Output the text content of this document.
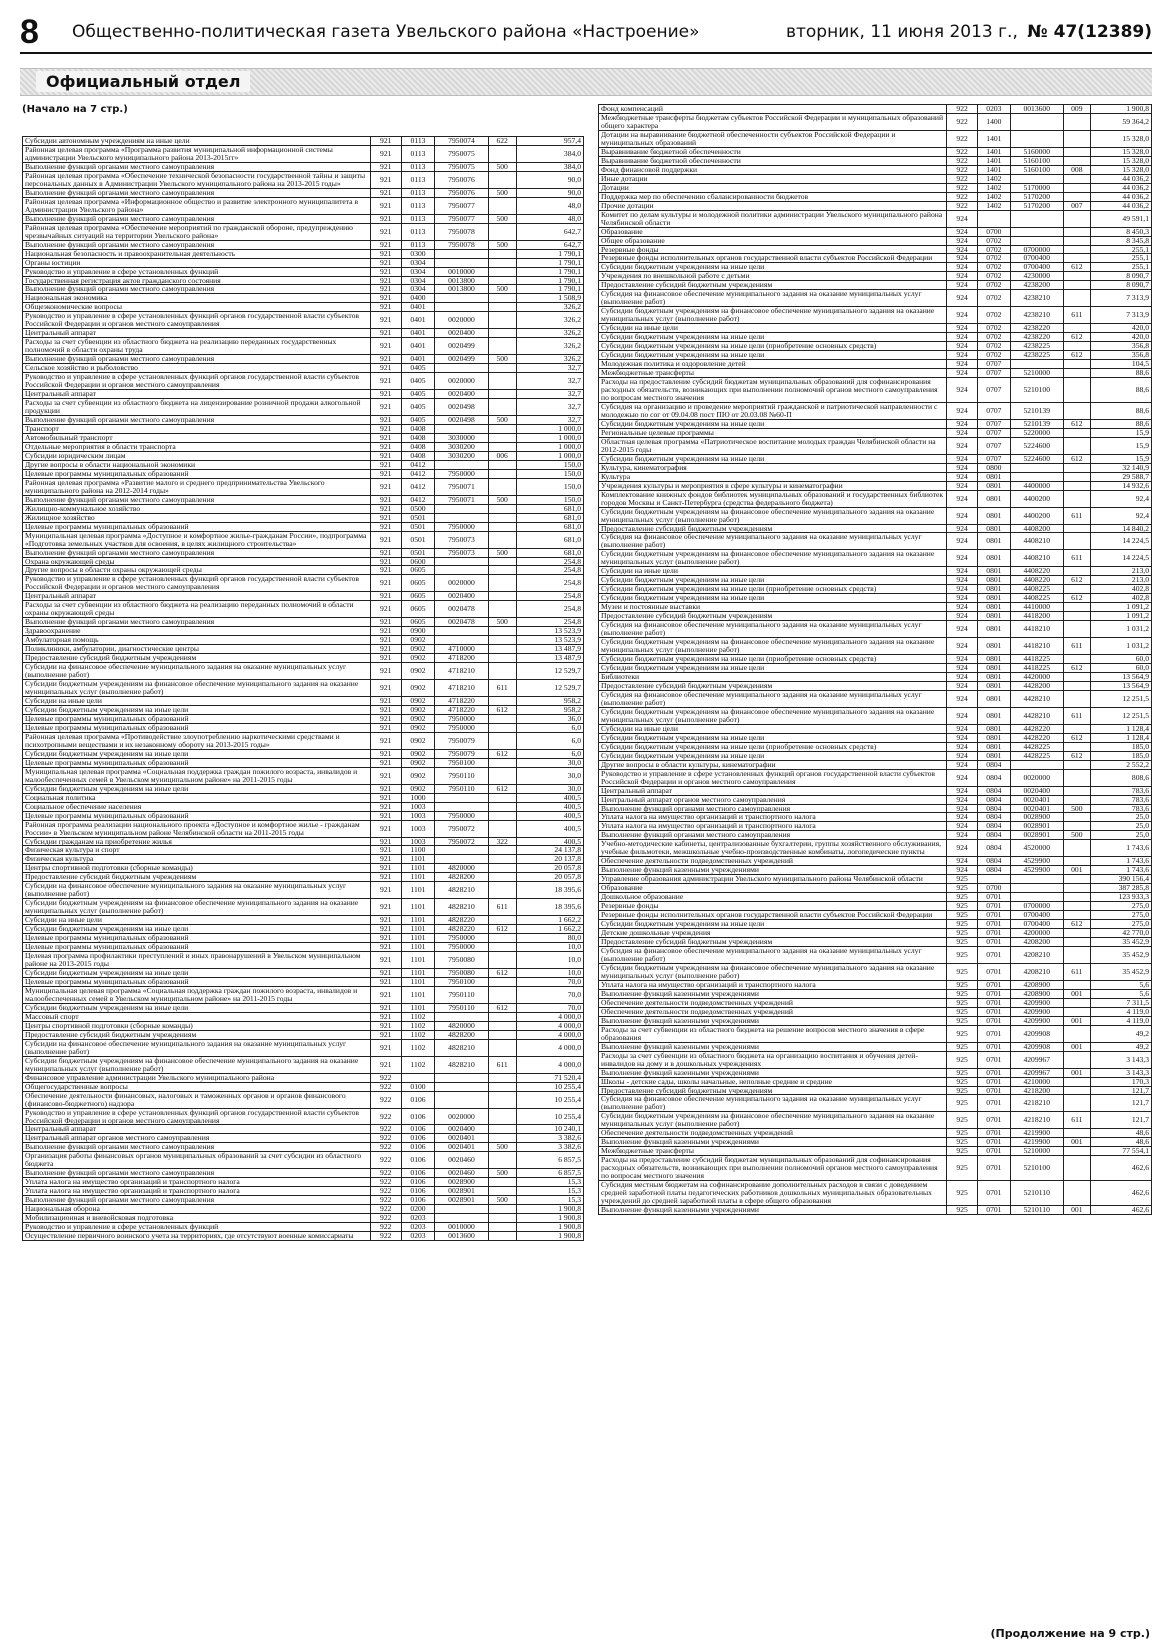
8	Общественно-политическая газета Увельского района «Настроение»	вторник, 11 июня 2013 г., № 47(12389)
Официальный отдел
(Начало на 7 стр.)
Субсидии автономным учреждениям на иные цели	921	0113	7950074	622	957,4
Районная целевая программа «Программа развития муниципальной информационной системы администрации Увельского муниципального района 2013-2015гг»	921	0113	7950075		384,0
Выполнение функций органами местного самоуправления	921	0113	7950075	500	384,0
Районная целевая программа «Обеспечение технической безопасности государственной тайны и защиты персональных данных в Администрации Увельского муниципального района на 2013-2015 годы»	921	0113	7950076		90,0
Выполнение функций органами местного самоуправления	921	0113	7950076	500	90,0
Районная целевая программа «Информационное общество и развитие электронного муниципалитета в Администрации Увельского района»	921	0113	7950077		48,0
Выполнение функций органами местного самоуправления	921	0113	7950077	500	48,0
Районная целевая программа «Обеспечение мероприятий по гражданской обороне, предупреждению чрезвычайных ситуаций на территории Увельского района»	921	0113	7950078		642,7
Выполнение функций органами местного самоуправления	921	0113	7950078	500	642,7
Национальная безопасность и правоохранительная деятельность	921	0300			1 790,1
Органы юстиции	921	0304			1 790,1
Руководство и управление в сфере установленных функций	921	0304	0010000		1 790,1
Государственная регистрация актов гражданского состояния	921	0304	0013800		1 790,1
Выполнение функций органами местного самоуправления	921	0304	0013800	500	1 790,1
Национальная экономика	921	0400			1 508,9
Общеэкономические вопросы	921	0401			326,2
Руководство и управление в сфере установленных функций органов государственной власти субъектов Российской Федерации и органов местного самоуправления	921	0401	0020000		326,2
Центральный аппарат	921	0401	0020400		326,2
Расходы за счет субвенции из областного бюджета на реализацию переданных государственных полномочий в области охраны труда	921	0401	0020499		326,2
Выполнение функций органами местного самоуправления	921	0401	0020499	500	326,2
Сельское хозяйство и рыболовство	921	0405			32,7
Руководство и управление в сфере установленных функций органов государственной власти субъектов Российской Федерации и органов местного самоуправления	921	0405	0020000		32,7
Центральный аппарат	921	0405	0020400		32,7
Расходы за счет субвенции из областного бюджета на лицензирование розничной продажи алкогольной продукции	921	0405	0020498		32,7
Выполнение функций органами местного самоуправления	921	0405	0020498	500	32,7
Транспорт	921	0408			1 000,0
Автомобильный транспорт	921	0408	3030000		1 000,0
Отдельные мероприятия в области транспорта	921	0408	3030200		1 000,0
Субсидии юридическим лицам	921	0408	3030200	006	1 000,0
Другие вопросы в области национальной экономики	921	0412			150,0
Целевые программы муниципальных образований	921	0412	7950000		150,0
Районная целевая программа «Развитие малого и среднего предпринимательства Увельского муниципального района на 2012-2014 годы»	921	0412	7950071		150,0
Выполнение функций органами местного самоуправления	921	0412	7950071	500	150,0
Жилищно-коммунальное хозяйство	921	0500			681,0
Жилищное хозяйство	921	0501			681,0
Целевые программы муниципальных образований	921	0501	7950000		681,0
Муниципальная целевая программа «Доступное и комфортное жилье-гражданам России», подпрограмма «Подготовка земельных участков для освоения, в целях жилищного строительства»	921	0501	7950073		681,0
Выполнение функций органами местного самоуправления	921	0501	7950073	500	681,0
Охрана окружающей среды	921	0600			254,8
Другие вопросы в области охраны окружающей среды	921	0605			254,8
Руководство и управление в сфере установленных функций органов государственной власти субъектов Российской Федерации и органов местного самоуправления	921	0605	0020000		254,8
Центральный аппарат	921	0605	0020400		254,8
Расходы за счет субвенции из областного бюджета на реализацию переданных полномочий в области охраны окружающей среды	921	0605	0020478		254,8
Выполнение функций органами местного самоуправления	921	0605	0020478	500	254,8
Здравоохранение	921	0900			13 523,9
Амбулаторная помощь	921	0902			13 523,9
Поликлиники, амбулатории, диагностические центры	921	0902	4710000		13 487,9
Предоставление субсидий бюджетным учреждениям	921	0902	4718200		13 487,9
Субсидии на финансовое обеспечение муниципального задания на оказание муниципальных услуг (выполнение работ)	921	0902	4718210		12 529,7
Субсидии бюджетным учреждениям на финансовое обеспечение муниципального задания на оказание муниципальных услуг (выполнение работ)	921	0902	4718210	611	12 529,7
Субсидии на иные цели	921	0902	4718220		958,2
Субсидии бюджетным учреждениям на иные цели	921	0902	4718220	612	958,2
Целевые программы муниципальных образований	921	0902	7950000		36,0
Целевые программы муниципальных образований	921	0902	7950000		6,0
Районная целевая программа «Противодействие злоупотреблению наркотическими средствами и психотропными веществами и их незаконному обороту на 2013-2015 годы»	921	0902	7950079		6,0
Субсидии бюджетным учреждениям на иные цели	921	0902	7950079	612	6,0
Целевые программы муниципальных образований	921	0902	7950100		30,0
Муниципальная целевая программа «Социальная поддержка граждан пожилого возраста, инвалидов и малообеспеченных семей в Увельском муниципальном районе» на 2011-2015 годы	921	0902	7950110		30,0
Субсидии бюджетным учреждениям на иные цели	921	0902	7950110	612	30,0
Социальная политика	921	1000			400,5
Социальное обеспечение населения	921	1003			400,5
Целевые программы муниципальных образований	921	1003	7950000		400,5
Районная программа реализации национального проекта «Доступное и комфортное жилье - гражданам России» в Увельском муниципальном районе Челябинской области на 2011-2015 годы	921	1003	7950072		400,5
Субсидии гражданам на приобретение жилья	921	1003	7950072	322	400,5
Физическая культура и спорт	921	1100			24 137,8
Физическая культура	921	1101			20 137,8
Центры спортивной подготовки (сборные команды)	921	1101	4820000		20 057,8
Предоставление субсидий бюджетным учреждениям	921	1101	4828200		20 057,8
Субсидии на финансовое обеспечение муниципального задания на оказание муниципальных услуг (выполнение работ)	921	1101	4828210		18 395,6
Субсидии бюджетным учреждениям на финансовое обеспечение муниципального задания на оказание муниципальных услуг (выполнение работ)	921	1101	4828210	611	18 395,6
Субсидии на иные цели	921	1101	4828220		1 662,2
Субсидии бюджетным учреждениям на иные цели	921	1101	4828220	612	1 662,2
Целевые программы муниципальных образований	921	1101	7950000		80,0
Целевые программы муниципальных образований	921	1101	7950000		10,0
Целевая программа профилактики преступлений и иных правонарушений в Увельском муниципальном районе на 2013-2015 годы	921	1101	7950080		10,0
Субсидии бюджетным учреждениям на иные цели	921	1101	7950080	612	10,0
Целевые программы муниципальных образований	921	1101	7950100		70,0
Муниципальная целевая программа «Социальная поддержка граждан пожилого возраста, инвалидов и малообеспеченных семей в Увельском муниципальном районе» на 2011-2015 годы	921	1101	7950110		70,0
Субсидии бюджетным учреждениям на иные цели	921	1101	7950110	612	70,0
Массовый спорт	921	1102			4 000,0
Центры спортивной подготовки (сборные команды)	921	1102	4820000		4 000,0
Предоставление субсидий бюджетным учреждениям	921	1102	4828200		4 000,0
Субсидии на финансовое обеспечение муниципального задания на оказание муниципальных услуг (выполнение работ)	921	1102	4828210		4 000,0
Субсидии бюджетным учреждениям на финансовое обеспечение муниципального задания на оказание муниципальных услуг (выполнение работ)	921	1102	4828210	611	4 000,0
Финансовое управление администрации Увельского муниципального района	922				71 520,4
Общегосударственные вопросы	922	0100			10 255,4
Обеспечение деятельности финансовых, налоговых и таможенных органов и органов финансового (финансово-бюджетного) надзора	922	0106			10 255,4
Руководство и управление в сфере установленных функций органов государственной власти субъектов Российской Федерации и органов местного самоуправления	922	0106	0020000		10 255,4
Центральный аппарат	922	0106	0020400		10 240,1
Центральный аппарат органов местного самоуправления	922	0106	0020401		3 382,6
Выполнение функций органами местного самоуправления	922	0106	0020401	500	3 382,6
Организация работы финансовых органов муниципальных образований за счет субсидии из областного бюджета	922	0106	0020460		6 857,5
Выполнение функций органами местного самоуправления	922	0106	0020460	500	6 857,5
Уплата налога на имущество организаций и транспортного налога	922	0106	0028900		15,3
Уплата налога на имущество организаций и транспортного налога	922	0106	0028901		15,3
Выполнение функций органами местного самоуправления	922	0106	0028901	500	15,3
Национальная оборона	922	0200			1 900,8
Мобилизационная и вневойсковая подготовка	922	0203			1 900,8
Руководство и управление в сфере установленных функций	922	0203	0010000		1 900,8
Осуществление первичного воинского учета на территориях, где отсутствуют военные комиссариаты	922	0203	0013600		1 900,8
Фонд компенсаций	922	0203	0013600	009	1 900,8
Межбюджетные трансферты бюджетам субъектов Российской Федерации и муниципальных образований общего характера	922	1400			59 364,2
Дотации на выравнивание бюджетной обеспеченности субъектов Российской Федерации и муниципальных образований	922	1401			15 328,0
Выравнивание бюджетной обеспеченности	922	1401	5160000		15 328,0
Выравнивание бюджетной обеспеченности	922	1401	5160100		15 328,0
Фонд финансовой поддержки	922	1401	5160100	008	15 328,0
Иные дотации	922	1402			44 036,2
Дотации	922	1402	5170000		44 036,2
Поддержка мер по обеспечению сбалансированности бюджетов	922	1402	5170200		44 036,2
Прочие дотации	922	1402	5170200	007	44 036,2
Комитет по делам культуры и молодежной политики администрации Увельского муниципального района Челябинской области	924				49 591,1
Образование	924	0700			8 450,3
Общее образование	924	0702			8 345,8
Резервные фонды	924	0702	0700000		255,1
Резервные фонды исполнительных органов государственной власти субъектов Российской Федерации	924	0702	0700400		255,1
Субсидии бюджетным учреждениям на иные цели	924	0702	0700400	612	255,1
Учреждения по внешкольной работе с детьми	924	0702	4230000		8 090,7
Предоставление субсидий бюджетным учреждениям	924	0702	4238200		8 090,7
Субсидия на финансовое обеспечение муниципального задания на оказание муниципальных услуг (выполнение работ)	924	0702	4238210		7 313,9
Субсидии бюджетным учреждениям на финансовое обеспечение муниципального задания на оказание муниципальных услуг (выполнение работ)	924	0702	4238210	611	7 313,9
Субсидии на иные цели	924	0702	4238220		420,0
Субсидии бюджетным учреждениям на иные цели	924	0702	4238220	612	420,0
Субсидии бюджетным учреждениям на иные цели (приобретение основных средств)	924	0702	4238225		356,8
Субсидии бюджетным учреждениям на иные цели	924	0702	4238225	612	356,8
Молодежная политика и оздоровление детей	924	0707			104,5
Межбюджетные трансферты	924	0707	5210000		88,6
Расходы на предоставление субсидий бюджетам муниципальных образований для софинансирования расходных обязательств, возникающих при выполнении полномочий органов местного самоуправления по вопросам местного значения	924	0707	5210100		88,6
Субсидия на организацию и проведение мероприятий гражданской и патриотической направленности с молодежью по сог от 09.04.08 пост ПЮ от 20.03.08 №60-П	924	0707	5210139		88,6
Субсидии бюджетным учреждениям на иные цели	924	0707	5210139	612	88,6
Региональные целевые программы	924	0707	5220000		15,9
Областная целевая программа «Патриотическое воспитание молодых граждан Челябинской области на 2012-2015 годы	924	0707	5224600		15,9
Субсидии бюджетным учреждениям на иные цели	924	0707	5224600	612	15,9
Культура, кинематография	924	0800			32 140,9
Культура	924	0801			29 588,7
Учреждения культуры и мероприятия в сфере культуры и кинематографии	924	0801	4400000		14 932,6
Комплектование книжных фондов библиотек муниципальных образований и государственных библиотек городов Москвы и Санкт-Петербурга (средства федерального бюджета)	924	0801	4400200		92,4
Субсидии бюджетным учреждениям на финансовое обеспечение муниципального задания на оказание муниципальных услуг (выполнение работ)	924	0801	4400200	611	92,4
Предоставление субсидий бюджетным учреждениям	924	0801	4408200		14 840,2
Субсидия на финансовое обеспечение муниципального задания на оказание муниципальных услуг (выполнение работ)	924	0801	4408210		14 224,5
Субсидии бюджетным учреждениям на финансовое обеспечение муниципального задания на оказание муниципальных услуг (выполнение работ)	924	0801	4408210	611	14 224,5
Субсидии на иные цели	924	0801	4408220		213,0
Субсидии бюджетным учреждениям на иные цели	924	0801	4408220	612	213,0
Субсидии бюджетным учреждениям на иные цели (приобретение основных средств)	924	0801	4408225		402,8
Субсидии бюджетным учреждениям на иные цели	924	0801	4408225	612	402,8
Музеи и постоянные выставки	924	0801	4410000		1 091,2
Предоставление субсидий бюджетным учреждениям	924	0801	4418200		1 091,2
Субсидия на финансовое обеспечение муниципального задания на оказание муниципальных услуг (выполнение работ)	924	0801	4418210		1 031,2
Субсидии бюджетным учреждениям на финансовое обеспечение муниципального задания на оказание муниципальных услуг (выполнение работ)	924	0801	4418210	611	1 031,2
Субсидии бюджетным учреждениям на иные цели (приобретение основных средств)	924	0801	4418225		60,0
Субсидии бюджетным учреждениям на иные цели	924	0801	4418225	612	60,0
Библиотеки	924	0801	4420000		13 564,9
Предоставление субсидий бюджетным учреждениям	924	0801	4428200		13 564,9
Субсидия на финансовое обеспечение муниципального задания на оказание муниципальных услуг (выполнение работ)	924	0801	4428210		12 251,5
Субсидии бюджетным учреждениям на финансовое обеспечение муниципального задания на оказание муниципальных услуг (выполнение работ)	924	0801	4428210	611	12 251,5
Субсидии на иные цели	924	0801	4428220		1 128,4
Субсидии бюджетным учреждениям на иные цели	924	0801	4428220	612	1 128,4
Субсидии бюджетным учреждениям на иные цели (приобретение основных средств)	924	0801	4428225		185,0
Субсидии бюджетным учреждениям на иные цели	924	0801	4428225	612	185,0
Другие вопросы в области культуры, кинематографии	924	0804			2 552,2
Руководство и управление в сфере установленных функций органов государственной власти субъектов Российской Федерации и органов местного самоуправления	924	0804	0020000		808,6
Центральный аппарат	924	0804	0020400		783,6
Центральный аппарат органов местного самоуправления	924	0804	0020401		783,6
Выполнение функций органами местного самоуправления	924	0804	0020401	500	783,6
Уплата налога на имущество организаций и транспортного налога	924	0804	0028900		25,0
Уплата налога на имущество организаций и транспортного налога	924	0804	0028901		25,0
Выполнение функций органами местного самоуправления	924	0804	0028901	500	25,0
Учебно-методические кабинеты, централизованные бухгалтерии, группы хозяйственного обслуживания, учебные фильмотеки, межшкольные учебно-производственные комбинаты, логопедические пункты	924	0804	4520000		1 743,6
Обеспечение деятельности подведомственных учреждений	924	0804	4529900		1 743,6
Выполнение функций казенными учреждениями	924	0804	4529900	001	1 743,6
Управление образования администрации Увельского муниципального района Челябинской области	925				390 156,4
Образование	925	0700			387 285,8
Дошкольное образование	925	0701			123 933,3
Резервные фонды	925	0701	0700000		275,0
Резервные фонды исполнительных органов государственной власти субъектов Российской Федерации	925	0701	0700400		275,0
Субсидии бюджетным учреждениям на иные цели	925	0701	0700400	612	275,0
Детские дошкольные учреждения	925	0701	4200000		42 770,0
Предоставление субсидий бюджетным учреждениям	925	0701	4208200		35 452,9
Субсидия на финансовое обеспечение муниципального задания на оказание муниципальных услуг (выполнение работ)	925	0701	4208210		35 452,9
Субсидии бюджетным учреждениям на финансовое обеспечение муниципального задания на оказание муниципальных услуг (выполнение работ)	925	0701	4208210	611	35 452,9
Уплата налога на имущество организаций и транспортного налога	925	0701	4208900		5,6
Выполнение функций казенными учреждениями	925	0701	4208900	001	5,6
Обеспечение деятельности подведомственных учреждений	925	0701	4209900		7 311,5
Обеспечение деятельности подведомственных учреждений	925	0701	4209900		4 119,0
Выполнение функций казенными учреждениями	925	0701	4209900	001	4 119,0
Расходы за счет субвенции из областного бюджета на решение вопросов местного значения в сфере образования	925	0701	4209908		49,2
Выполнение функций казенными учреждениями	925	0701	4209908	001	49,2
Расходы за счет субвенции из областного бюджета на организацию воспитания и обучения детей-инвалидов на дому и в дошкольных учреждениях	925	0701	4209967		3 143,3
Выполнение функций казенными учреждениями	925	0701	4209967	001	3 143,3
Школы - детские сады, школы начальные, неполные средние и средние	925	0701	4210000		170,3
Предоставление субсидий бюджетным учреждениям	925	0701	4218200		121,7
Субсидия на финансовое обеспечение муниципального задания на оказание муниципальных услуг (выполнение работ)	925	0701	4218210		121,7
Субсидии бюджетным учреждениям на финансовое обеспечение муниципального задания на оказание муниципальных услуг (выполнение работ)	925	0701	4218210	611	121,7
Обеспечение деятельности подведомственных учреждений	925	0701	4219900		48,6
Выполнение функций казенными учреждениями	925	0701	4219900	001	48,6
Межбюджетные трансферты	925	0701	5210000		77 554,1
Расходы на предоставление субсидий бюджетам муниципальных образований для софинансирования расходных обязательств, возникающих при выполнении полномочий органов местного самоуправления по вопросам местного значения	925	0701	5210100		462,6
Субсидия местным бюджетам на софинансирование дополнительных расходов в связи с доведением средней заработной платы педагогических работников дошкольных муниципальных образовательных учреждений до средней заработной платы в сфере общего образования	925	0701	5210110		462,6
Выполнение функций казенными учреждениями	925	0701	5210110	001	462,6
(Продолжение на 9 стр.)
